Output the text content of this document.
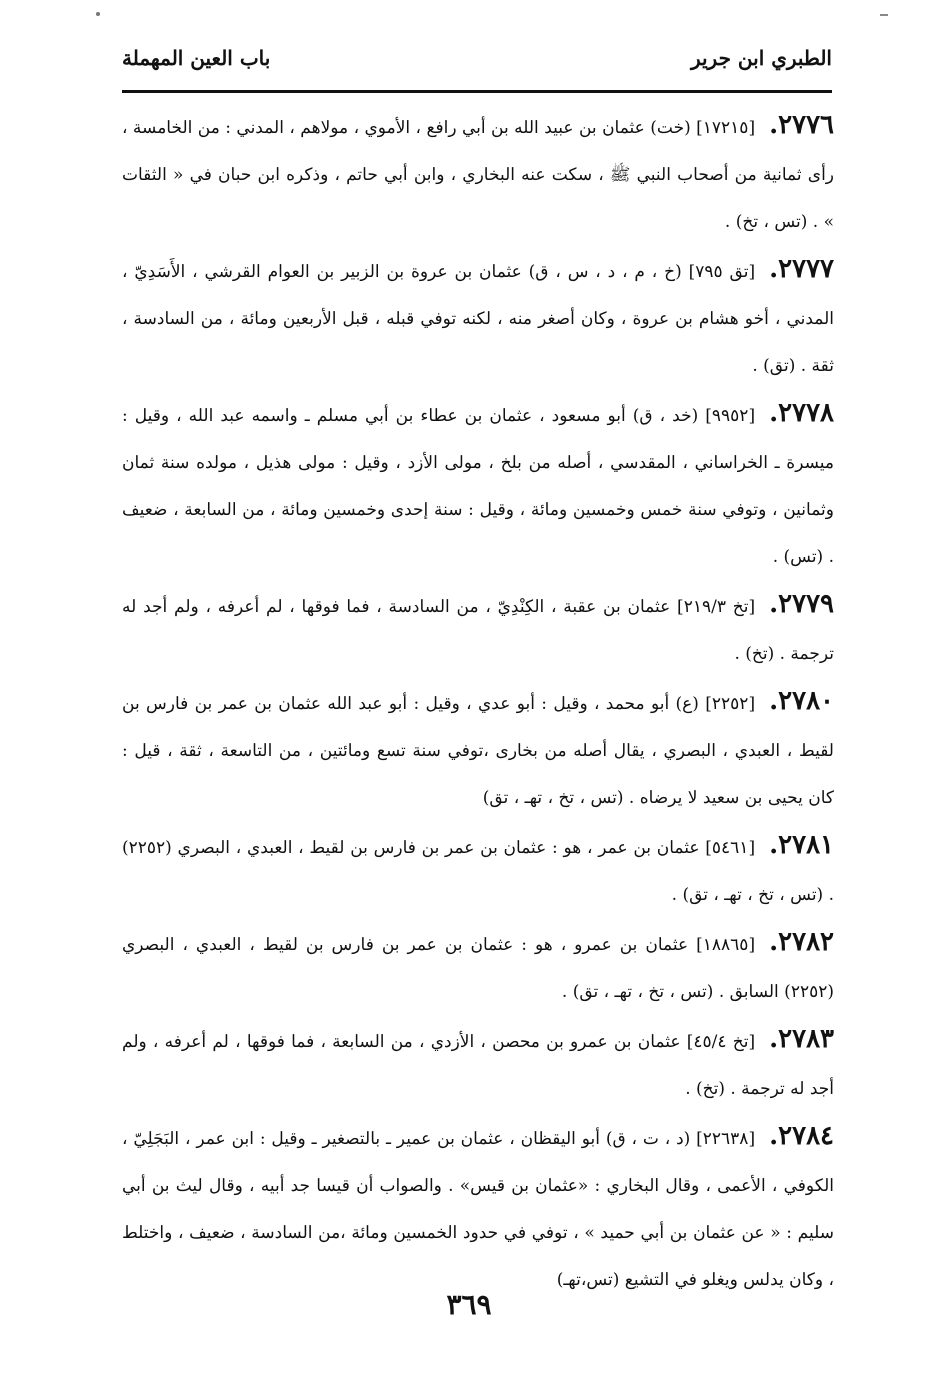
الطبري ابن جرير
باب العين المهملة

٢٧٧٦.[١٧٢١٥] (خت) عثمان بن عبيد الله بن أبي رافع ، الأموي ، مولاهم ، المدني : من الخامسة ، رأى ثمانية من أصحاب النبي ﷺ ، سكت عنه البخاري ، وابن أبي حاتم ، وذكره ابن حبان في « الثقات » . (تس ، تخ) .

٢٧٧٧.[تق ٧٩٥] (خ ، م ، د ، س ، ق) عثمان بن عروة بن الزبير بن العوام القرشي ، الأَسَدِيّ ، المدني ، أخو هشام بن عروة ، وكان أصغر منه ، لكنه توفي قبله ، قبل الأربعين ومائة ، من السادسة ، ثقة . (تق) .

٢٧٧٨.[٩٩٥٢] (خد ، ق) أبو مسعود ، عثمان بن عطاء بن أبي مسلم ـ واسمه عبد الله ، وقيل : ميسرة ـ الخراساني ، المقدسي ، أصله من بلخ ، مولى الأزد ، وقيل : مولى هذيل ، مولده سنة ثمان وثمانين ، وتوفي سنة خمس وخمسين ومائة ، وقيل : سنة إحدى وخمسين ومائة ، من السابعة ، ضعيف . (تس) .

٢٧٧٩.[تخ ٢١٩/٣] عثمان بن عقبة ، الكِنْدِيّ ، من السادسة ، فما فوقها ، لم أعرفه ، ولم أجد له ترجمة . (تخ) .

٢٧٨٠.[٢٢٥٢] (ع) أبو محمد ، وقيل : أبو عدي ، وقيل : أبو عبد الله عثمان بن عمر بن فارس بن لقيط ، العبدي ، البصري ، يقال أصله من بخارى ،توفي سنة تسع ومائتين ، من التاسعة ، ثقة ، قيل : كان يحيى بن سعيد لا يرضاه . (تس ، تخ ، تهـ ، تق)

٢٧٨١.[٥٤٦١] عثمان بن عمر ، هو : عثمان بن عمر بن فارس بن لقيط ، العبدي ، البصري (٢٢٥٢) . (تس ، تخ ، تهـ ، تق) .

٢٧٨٢.[١٨٨٦٥] عثمان بن عمرو ، هو : عثمان بن عمر بن فارس بن لقيط ، العبدي ، البصري (٢٢٥٢) السابق . (تس ، تخ ، تهـ ، تق) .

٢٧٨٣.[تخ ٤٥/٤] عثمان بن عمرو بن محصن ، الأزدي ، من السابعة ، فما فوقها ، لم أعرفه ، ولم أجد له ترجمة . (تخ) .

٢٧٨٤.[٢٢٦٣٨] (د ، ت ، ق) أبو اليقظان ، عثمان بن عمير ـ بالتصغير ـ وقيل : ابن عمر ، البَجَلِيّ ، الكوفي ، الأعمى ، وقال البخاري : «عثمان بن قيس» . والصواب أن قيسا جد أبيه ، وقال ليث بن أبي سليم : « عن عثمان بن أبي حميد » ، توفي في حدود الخمسين ومائة ،من السادسة ، ضعيف ، واختلط ، وكان يدلس ويغلو في التشيع (تس،تهـ)

٣٦٩
